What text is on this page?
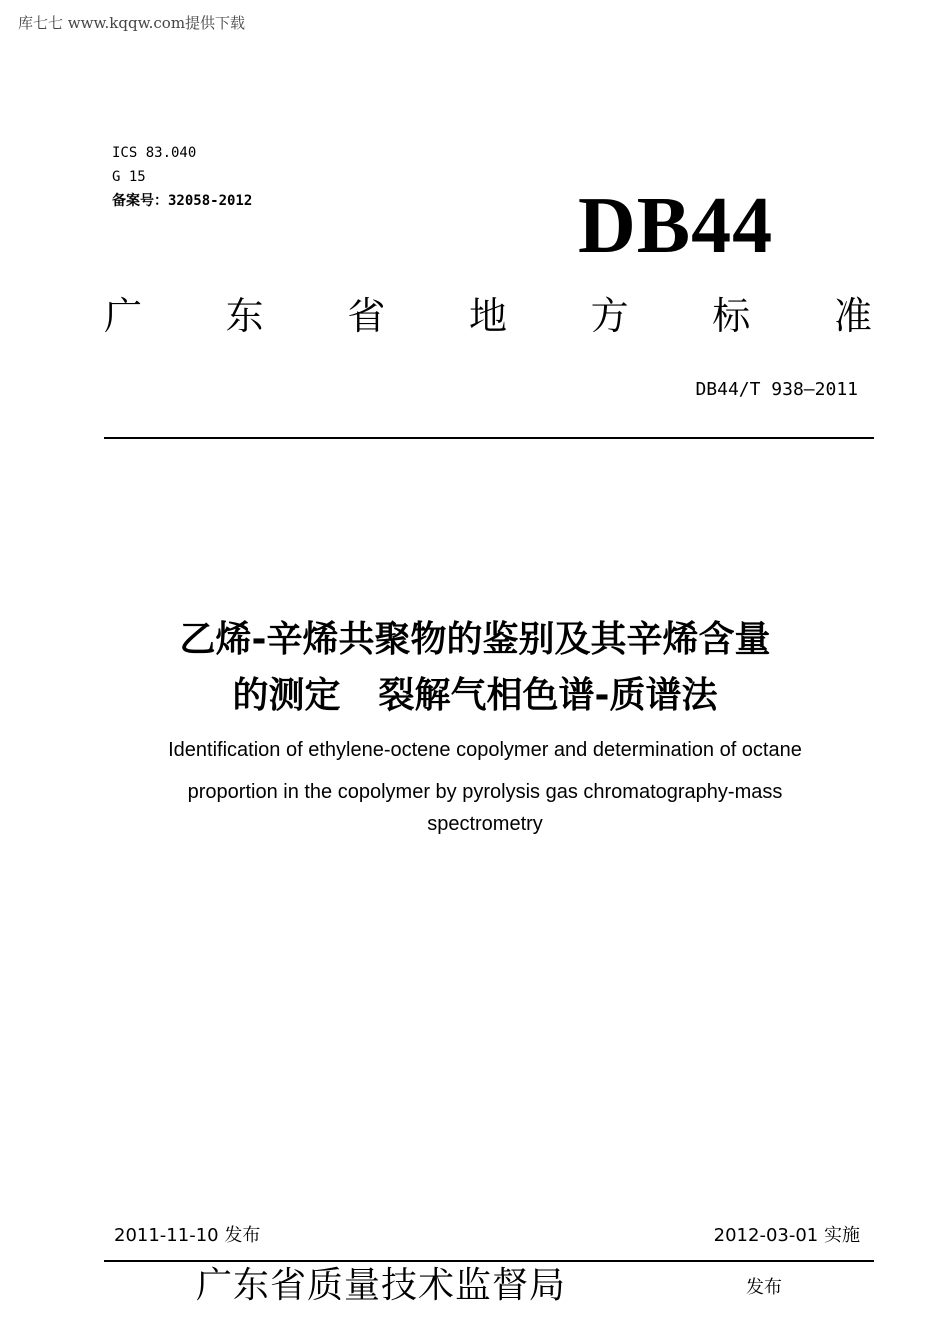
库七七 www.kqqw.com提供下载
ICS 83.040
G 15
备案号：32058-2012	DB44
广 东 省 地 方 标 准
DB44/T 938—2011
乙烯-辛烯共聚物的鉴别及其辛烯含量
的测定 裂解气相色谱-质谱法
Identification of ethylene-octene copolymer and determination of octane
proportion in the copolymer by pyrolysis gas chromatography-mass
spectrometry
2011-11-10 发布	2012-03-01 实施
广东省质量技术监督局	发布
